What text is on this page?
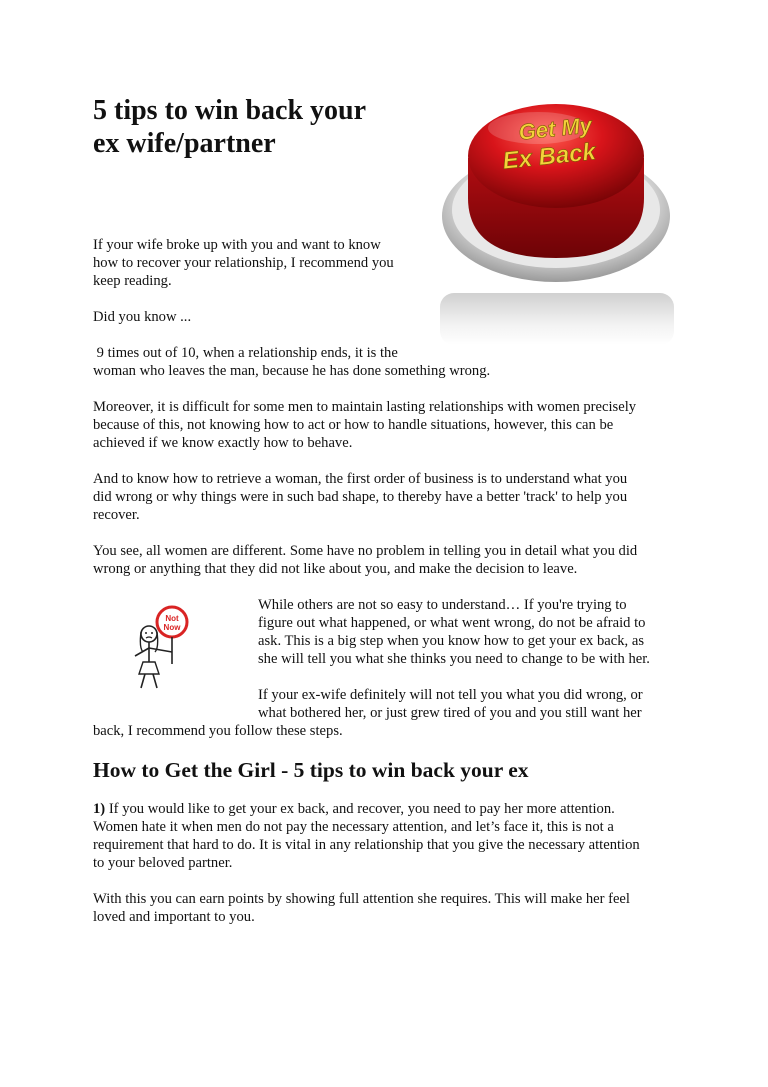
5 tips to win back your
ex wife/partner	Get My
Ex Back

If your wife broke up with you and want to know
how to recover your relationship, I recommend you
keep reading.

Did you know ...

9 times out of 10, when a relationship ends, it is the
woman who leaves the man, because he has done something wrong.

Moreover, it is difficult for some men to maintain lasting relationships with women precisely
because of this, not knowing how to act or how to handle situations, however, this can be
achieved if we know exactly how to behave.

And to know how to retrieve a woman, the first order of business is to understand what you
did wrong or why things were in such bad shape, to thereby have a better 'track' to help you
recover.

You see, all women are different. Some have no problem in telling you in detail what you did
wrong or anything that they did not like about you, and make the decision to leave.

Not
Now

While others are not so easy to understand… If you're trying to
figure out what happened, or what went wrong, do not be afraid to
ask. This is a big step when you know how to get your ex back, as
she will tell you what she thinks you need to change to be with her.

If your ex-wife definitely will not tell you what you did wrong, or
what bothered her, or just grew tired of you and you still want her

back, I recommend you follow these steps.

How to Get the Girl - 5 tips to win back your ex

1) If you would like to get your ex back, and recover, you need to pay her more attention.
Women hate it when men do not pay the necessary attention, and let’s face it, this is not a
requirement that hard to do. It is vital in any relationship that you give the necessary attention
to your beloved partner.

With this you can earn points by showing full attention she requires. This will make her feel
loved and important to you.
